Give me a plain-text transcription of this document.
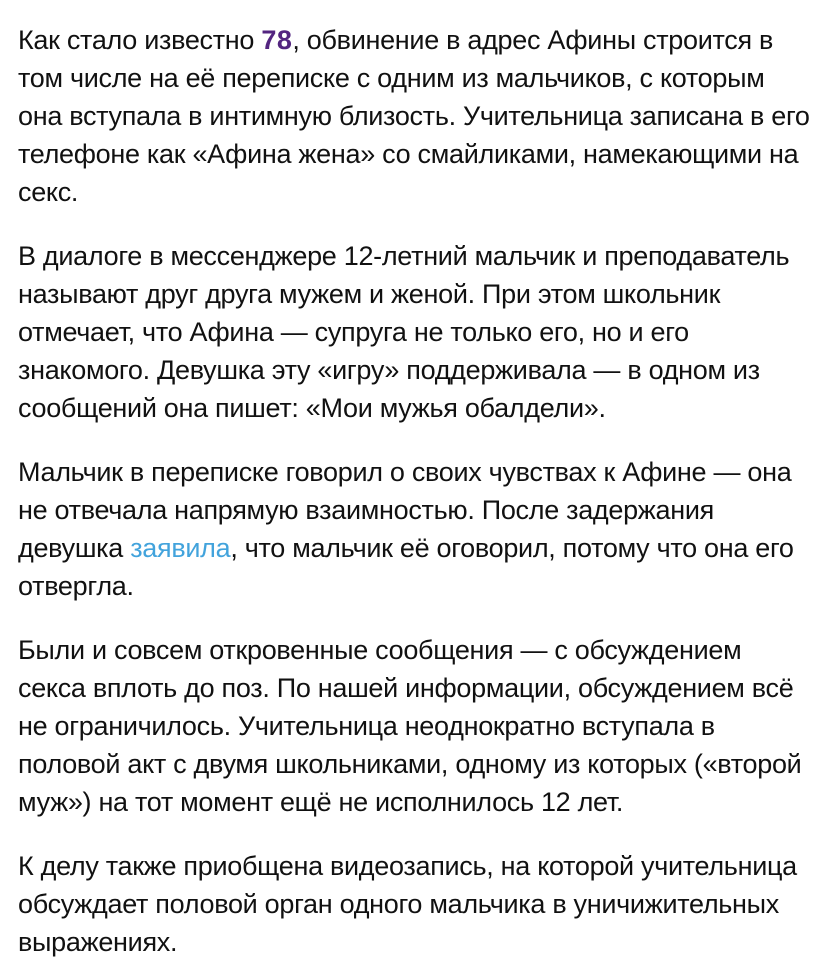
Как стало известно 78, обвинение в адрес Афины строится в том числе на её переписке с одним из мальчиков, с которым она вступала в интимную близость. Учительница записана в его телефоне как «Афина жена» со смайликами, намекающими на секс.

В диалоге в мессенджере 12-летний мальчик и преподаватель называют друг друга мужем и женой. При этом школьник отмечает, что Афина — супруга не только его, но и его знакомого. Девушка эту «игру» поддерживала — в одном из сообщений она пишет: «Мои мужья обалдели».

Мальчик в переписке говорил о своих чувствах к Афине — она не отвечала напрямую взаимностью. После задержания девушка заявила, что мальчик её оговорил, потому что она его отвергла.

Были и совсем откровенные сообщения — с обсуждением секса вплоть до поз. По нашей информации, обсуждением всё не ограничилось. Учительница неоднократно вступала в половой акт с двумя школьниками, одному из которых («второй муж») на тот момент ещё не исполнилось 12 лет.

К делу также приобщена видеозапись, на которой учительница обсуждает половой орган одного мальчика в уничижительных выражениях.
